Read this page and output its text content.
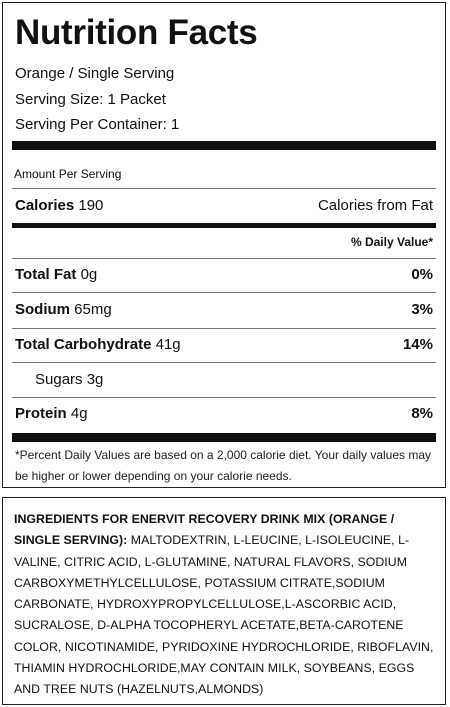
Nutrition Facts
Orange / Single Serving
Serving Size: 1 Packet
Serving Per Container: 1
Amount Per Serving
Calories 190	Calories from Fat
% Daily Value*
Total Fat 0g	0%
Sodium 65mg	3%
Total Carbohydrate 41g	14%
Sugars 3g
Protein 4g	8%
*Percent Daily Values are based on a 2,000 calorie diet. Your daily values may be higher or lower depending on your calorie needs.
INGREDIENTS FOR ENERVIT RECOVERY DRINK MIX (ORANGE / SINGLE SERVING): MALTODEXTRIN, L-LEUCINE, L-ISOLEUCINE, L-VALINE, CITRIC ACID, L-GLUTAMINE, NATURAL FLAVORS, SODIUM CARBOXYMETHYLCELLULOSE, POTASSIUM CITRATE,SODIUM CARBONATE, HYDROXYPROPYLCELLULOSE,L-ASCORBIC ACID, SUCRALOSE, D-ALPHA TOCOPHERYL ACETATE,BETA-CAROTENE COLOR, NICOTINAMIDE, PYRIDOXINE HYDROCHLORIDE, RIBOFLAVIN, THIAMIN HYDROCHLORIDE,MAY CONTAIN MILK, SOYBEANS, EGGS AND TREE NUTS (HAZELNUTS,ALMONDS)
